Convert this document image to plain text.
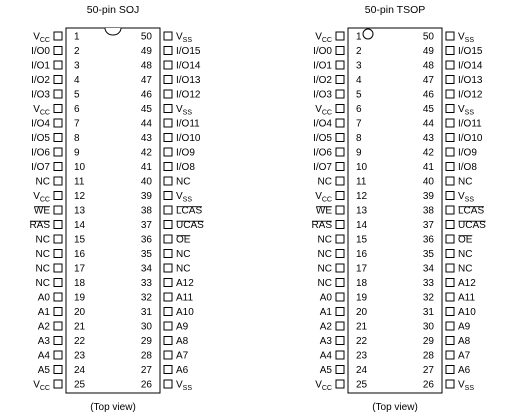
50-pin SOJ
1
$V_{CC}$
2
I/O0
3
I/O1
4
I/O2
5
I/O3
6
$V_{CC}$
7
I/O4
8
I/O5
9
I/O6
10
I/O7
11
NC
12
$V_{CC}$
13
WE
14
RAS
15
NC
16
NC
17
NC
18
NC
19
A0
20
A1
21
A2
22
A3
23
A4
24
A5
25
$V_{CC}$
50 $V_{SS}$
49 I/O15
48 I/O14
47 I/O13
46 I/O12
45 $V_{SS}$
44 I/O11
43 I/O10
42 I/O9
41 I/O8
40 NC
39 $V_{SS}$
38 LCAS
37 UCAS
36 OE
35 NC
34 NC
33 A12
32 A11
31 A10
30 A9
29 A8
28 A7
27 A6
26 $V_{SS}$
(Top view)
50-pin TSOP
1
$V_{CC}$
2
I/O0
3
I/O1
4
I/O2
5
I/O3
6
$V_{CC}$
7
I/O4
8
I/O5
9
I/O6
10
I/O7
11
NC
12
$V_{CC}$
13
WE
14
RAS
15
NC
16
NC
17
NC
18
NC
19
A0
20
A1
21
A2
22
A3
23
A4
24
A5
25
$V_{CC}$
50 $V_{SS}$
49 I/O15
48 I/O14
47 I/O13
46 I/O12
45 $V_{SS}$
44 I/O11
43 I/O10
42 I/O9
41 I/O8
40 NC
39 $V_{SS}$
38 LCAS
37 UCAS
36 OE
35 NC
34 NC
33 A12
32 A11
31 A10
30 A9
29 A8
28 A7
27 A6
26 $V_{SS}$
(Top view)
